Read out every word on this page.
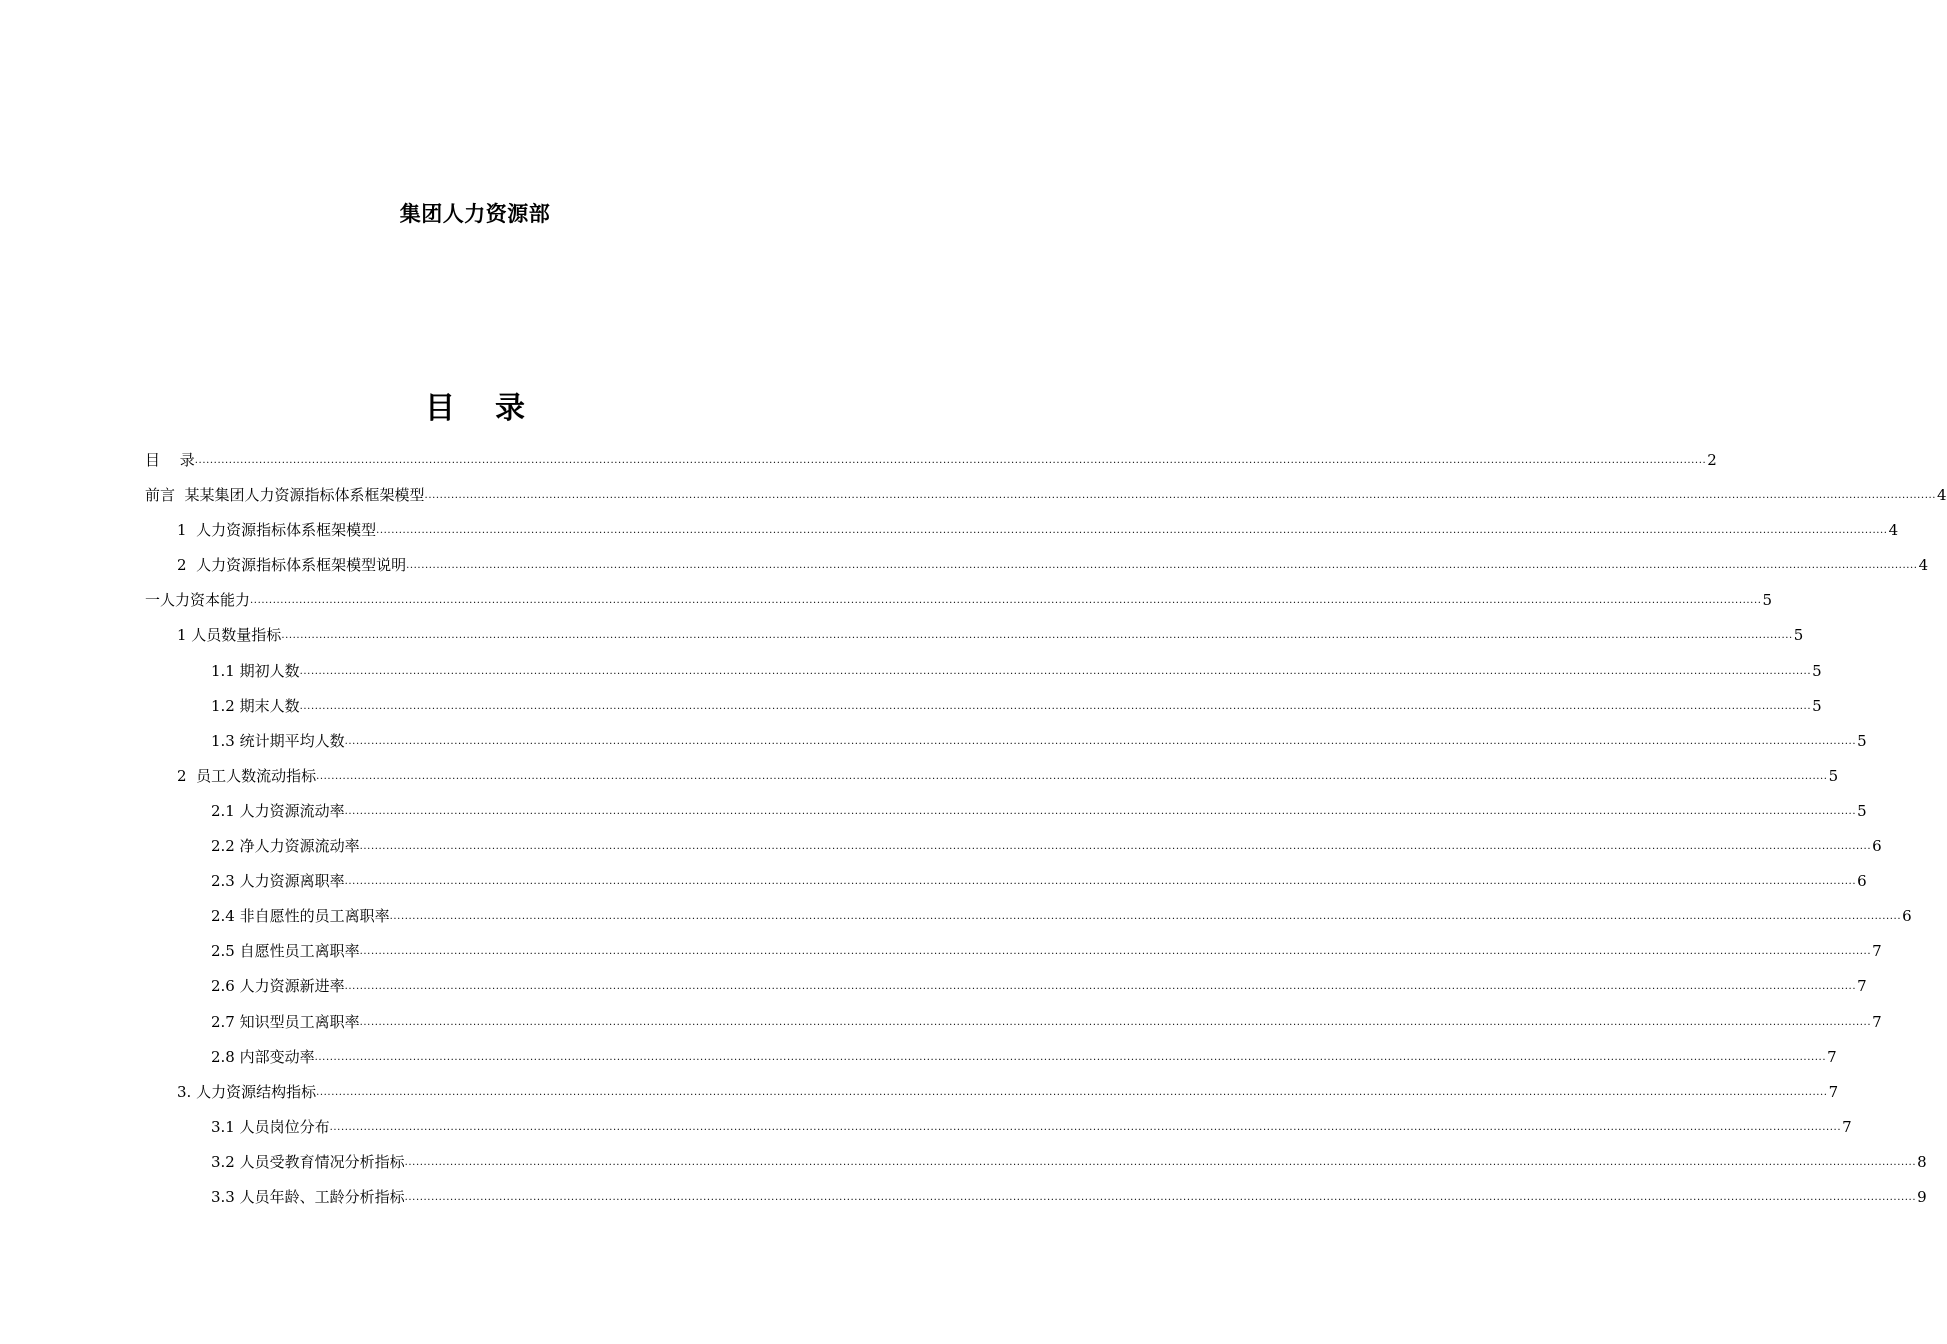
集团人力资源部
目 录
目　 录 ................................................................................................................................................................................................................................................................................................................................................................................................................ 2
前言  某某集团人力资源指标体系框架模型 ................................................................................................................................................................................................................................................................................................................................................................................................................ 4
1  人力资源指标体系框架模型 ................................................................................................................................................................................................................................................................................................................................................................................................................ 4
2  人力资源指标体系框架模型说明 ................................................................................................................................................................................................................................................................................................................................................................................................................ 4
一人力资本能力 ................................................................................................................................................................................................................................................................................................................................................................................................................ 5
1 人员数量指标 ................................................................................................................................................................................................................................................................................................................................................................................................................ 5
1.1 期初人数 ................................................................................................................................................................................................................................................................................................................................................................................................................ 5
1.2 期末人数 ................................................................................................................................................................................................................................................................................................................................................................................................................ 5
1.3 统计期平均人数 ................................................................................................................................................................................................................................................................................................................................................................................................................ 5
2  员工人数流动指标 ................................................................................................................................................................................................................................................................................................................................................................................................................ 5
2.1 人力资源流动率 ................................................................................................................................................................................................................................................................................................................................................................................................................ 5
2.2 净人力资源流动率 ................................................................................................................................................................................................................................................................................................................................................................................................................ 6
2.3 人力资源离职率 ................................................................................................................................................................................................................................................................................................................................................................................................................ 6
2.4 非自愿性的员工离职率 ................................................................................................................................................................................................................................................................................................................................................................................................................ 6
2.5 自愿性员工离职率 ................................................................................................................................................................................................................................................................................................................................................................................................................ 7
2.6 人力资源新进率 ................................................................................................................................................................................................................................................................................................................................................................................................................ 7
2.7 知识型员工离职率 ................................................................................................................................................................................................................................................................................................................................................................................................................ 7
2.8 内部变动率 ................................................................................................................................................................................................................................................................................................................................................................................................................ 7
3. 人力资源结构指标 ................................................................................................................................................................................................................................................................................................................................................................................................................ 7
3.1 人员岗位分布 ................................................................................................................................................................................................................................................................................................................................................................................................................ 7
3.2 人员受教育情况分析指标 ................................................................................................................................................................................................................................................................................................................................................................................................................ 8
3.3 人员年龄、工龄分析指标 ................................................................................................................................................................................................................................................................................................................................................................................................................ 9
